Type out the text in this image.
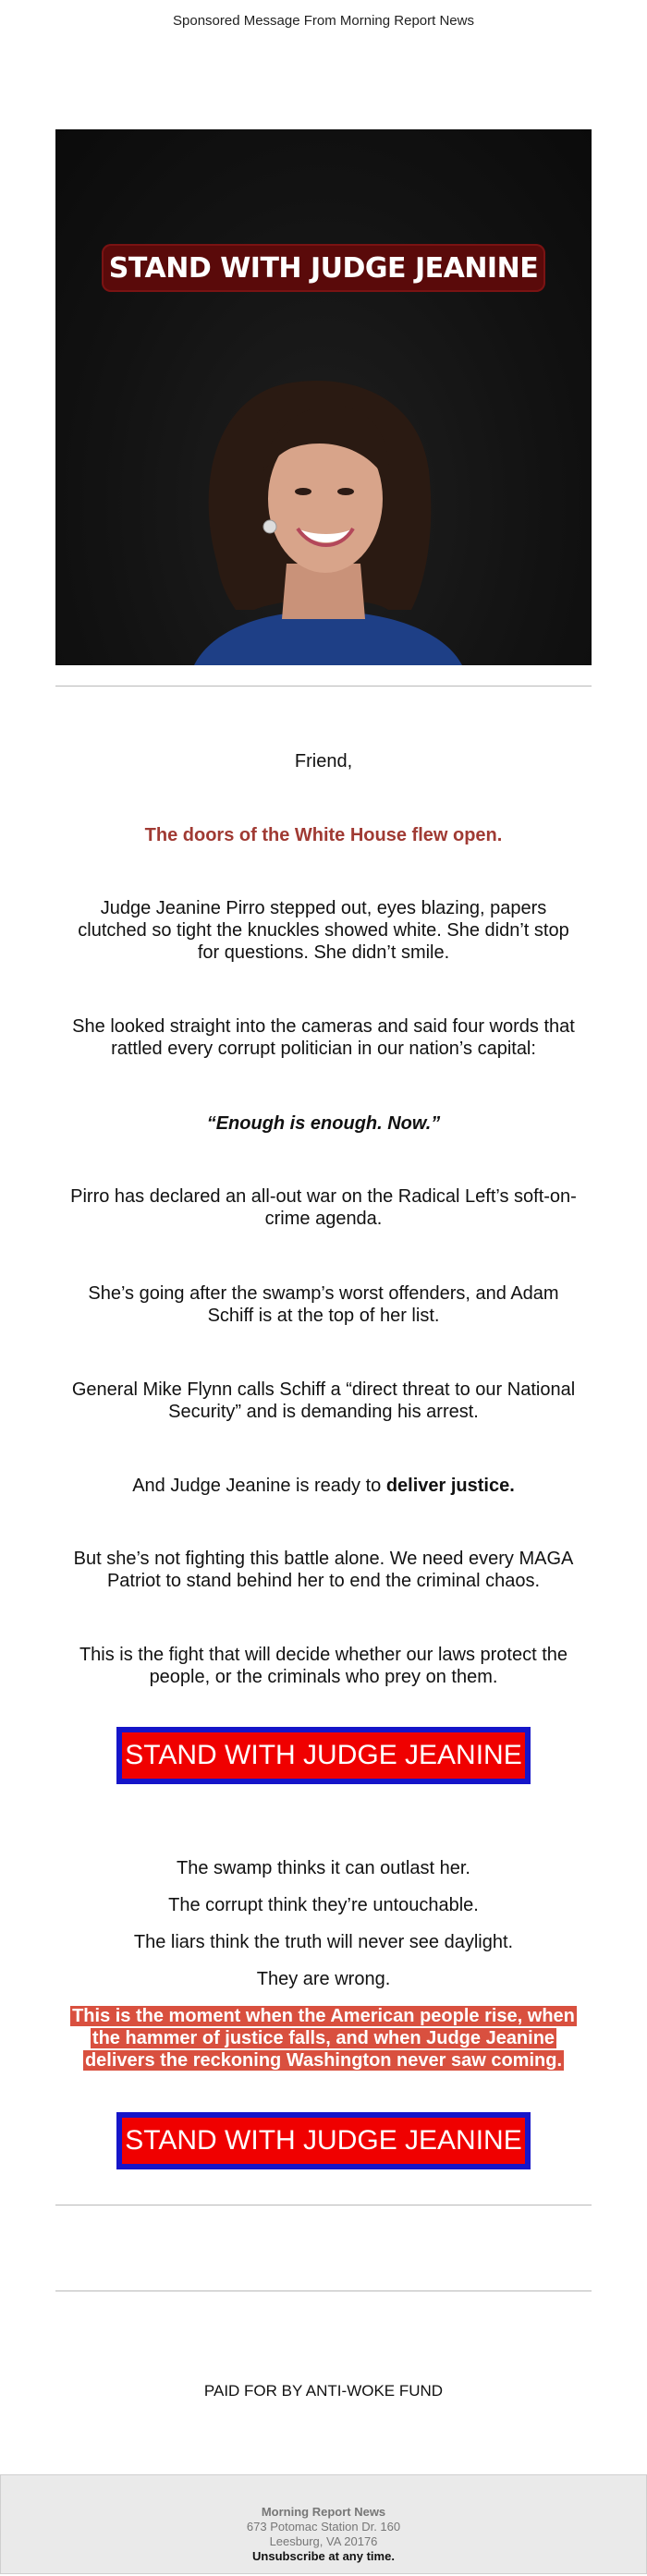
Sponsored Message From Morning Report News
STAND WITH JUDGE JEANINE
Friend,
The doors of the White House flew open.
Judge Jeanine Pirro stepped out, eyes blazing, papers clutched so tight the knuckles showed white. She didn’t stop for questions. She didn’t smile.
She looked straight into the cameras and said four words that rattled every corrupt politician in our nation’s capital:
“Enough is enough. Now.”
Pirro has declared an all-out war on the Radical Left’s soft-on-crime agenda.
She’s going after the swamp’s worst offenders, and Adam Schiff is at the top of her list.
General Mike Flynn calls Schiff a “direct threat to our National Security” and is demanding his arrest.
And Judge Jeanine is ready to deliver justice.
But she’s not fighting this battle alone. We need every MAGA Patriot to stand behind her to end the criminal chaos.
This is the fight that will decide whether our laws protect the people, or the criminals who prey on them.
STAND WITH JUDGE JEANINE
The swamp thinks it can outlast her.
The corrupt think they’re untouchable.
The liars think the truth will never see daylight.
They are wrong.
This is the moment when the American people rise, when the hammer of justice falls, and when Judge Jeanine delivers the reckoning Washington never saw coming.
STAND WITH JUDGE JEANINE
PAID FOR BY ANTI-WOKE FUND
Morning Report News
673 Potomac Station Dr. 160
Leesburg, VA 20176
Unsubscribe at any time.
